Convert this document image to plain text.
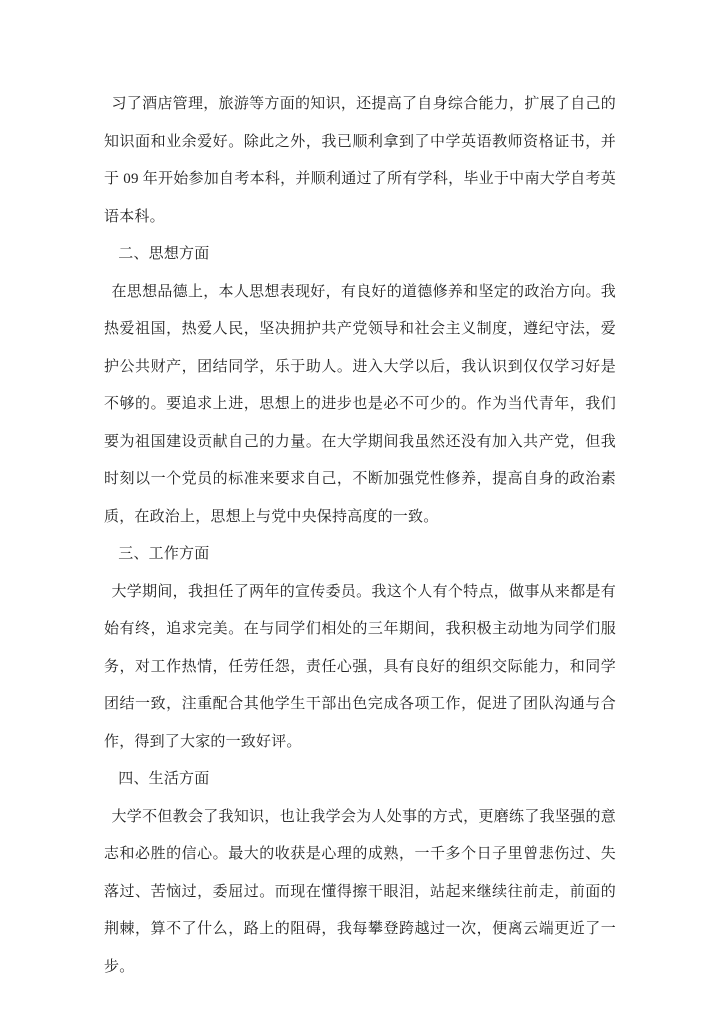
习了酒店管理，旅游等方面的知识，还提高了自身综合能力，扩展了自己的知识面和业余爱好。除此之外，我已顺利拿到了中学英语教师资格证书，并于 09 年开始参加自考本科，并顺利通过了所有学科，毕业于中南大学自考英语本科。

二、思想方面

在思想品德上，本人思想表现好，有良好的道德修养和坚定的政治方向。我热爱祖国，热爱人民，坚决拥护共产党领导和社会主义制度，遵纪守法，爱护公共财产，团结同学，乐于助人。进入大学以后，我认识到仅仅学习好是不够的。要追求上进，思想上的进步也是必不可少的。作为当代青年，我们要为祖国建设贡献自己的力量。在大学期间我虽然还没有加入共产党，但我时刻以一个党员的标准来要求自己，不断加强党性修养，提高自身的政治素质，在政治上，思想上与党中央保持高度的一致。

三、工作方面

大学期间，我担任了两年的宣传委员。我这个人有个特点，做事从来都是有始有终，追求完美。在与同学们相处的三年期间，我积极主动地为同学们服务，对工作热情，任劳任怨，责任心强，具有良好的组织交际能力，和同学团结一致，注重配合其他学生干部出色完成各项工作，促进了团队沟通与合作，得到了大家的一致好评。

四、生活方面

大学不但教会了我知识，也让我学会为人处事的方式，更磨练了我坚强的意志和必胜的信心。最大的收获是心理的成熟，一千多个日子里曾悲伤过、失落过、苦恼过，委屈过。而现在懂得擦干眼泪，站起来继续往前走，前面的荆棘，算不了什么，路上的阻碍，我每攀登跨越过一次，便离云端更近了一步。
